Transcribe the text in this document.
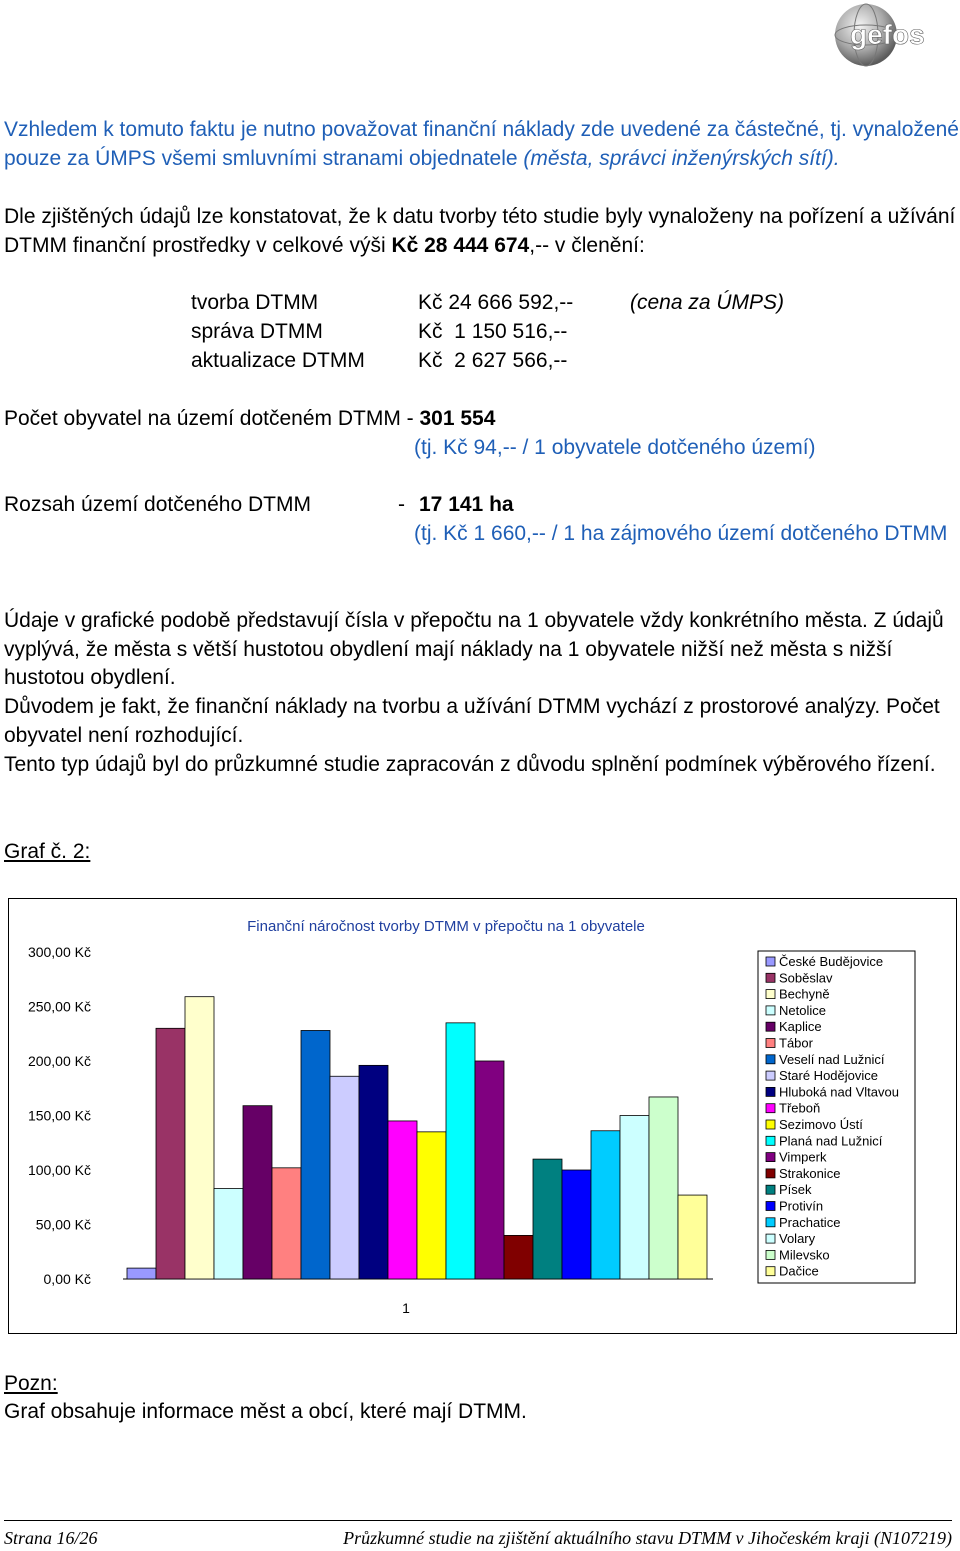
gefos
Vzhledem k tomuto faktu je nutno považovat finanční náklady zde uvedené za částečné, tj. vynaložené
pouze za ÚMPS všemi smluvními stranami objednatele (města, správci inženýrských sítí).
Dle zjištěných údajů lze konstatovat, že k datu tvorby této studie byly vynaloženy na pořízení a užívání
DTMM finanční prostředky v celkové výši Kč 28 444 674,-- v členění:
tvorba DTMM	Kč 24 666 592,--	(cena za ÚMPS)
správa DTMM	Kč  1 150 516,--
aktualizace DTMM	Kč  2 627 566,--
Počet obyvatel na území dotčeném DTMM - 301 554
(tj. Kč 94,-- / 1 obyvatele dotčeného území)
Rozsah území dotčeného DTMM	- 17 141 ha
(tj. Kč 1 660,-- / 1 ha zájmového území dotčeného DTMM
Údaje v grafické podobě představují čísla v přepočtu na 1 obyvatele vždy konkrétního města. Z údajů
vyplývá, že města s větší hustotou obydlení mají náklady na 1 obyvatele nižší než města s nižší
hustotou obydlení.
Důvodem je fakt, že finanční náklady na tvorbu a užívání DTMM vychází z prostorové analýzy. Počet
obyvatel není rozhodující.
Tento typ údajů byl do průzkumné studie zapracován z důvodu splnění podmínek výběrového řízení.
Graf č. 2:
Finanční náročnost tvorby DTMM v přepočtu na 1 obyvatele
0,00 Kč
50,00 Kč
100,00 Kč
150,00 Kč
200,00 Kč
250,00 Kč
300,00 Kč
1
České Budějovice
Soběslav
Bechyně
Netolice
Kaplice
Tábor
Veselí nad Lužnicí
Staré Hodějovice
Hluboká nad Vltavou
Třeboň
Sezimovo Ústí
Planá nad Lužnicí
Vimperk
Strakonice
Písek
Protivín
Prachatice
Volary
Milevsko
Dačice
Pozn:
Graf obsahuje informace měst a obcí, které mají DTMM.
Strana 16/26	Průzkumné studie na zjištění aktuálního stavu DTMM v Jihočeském kraji (N107219)
